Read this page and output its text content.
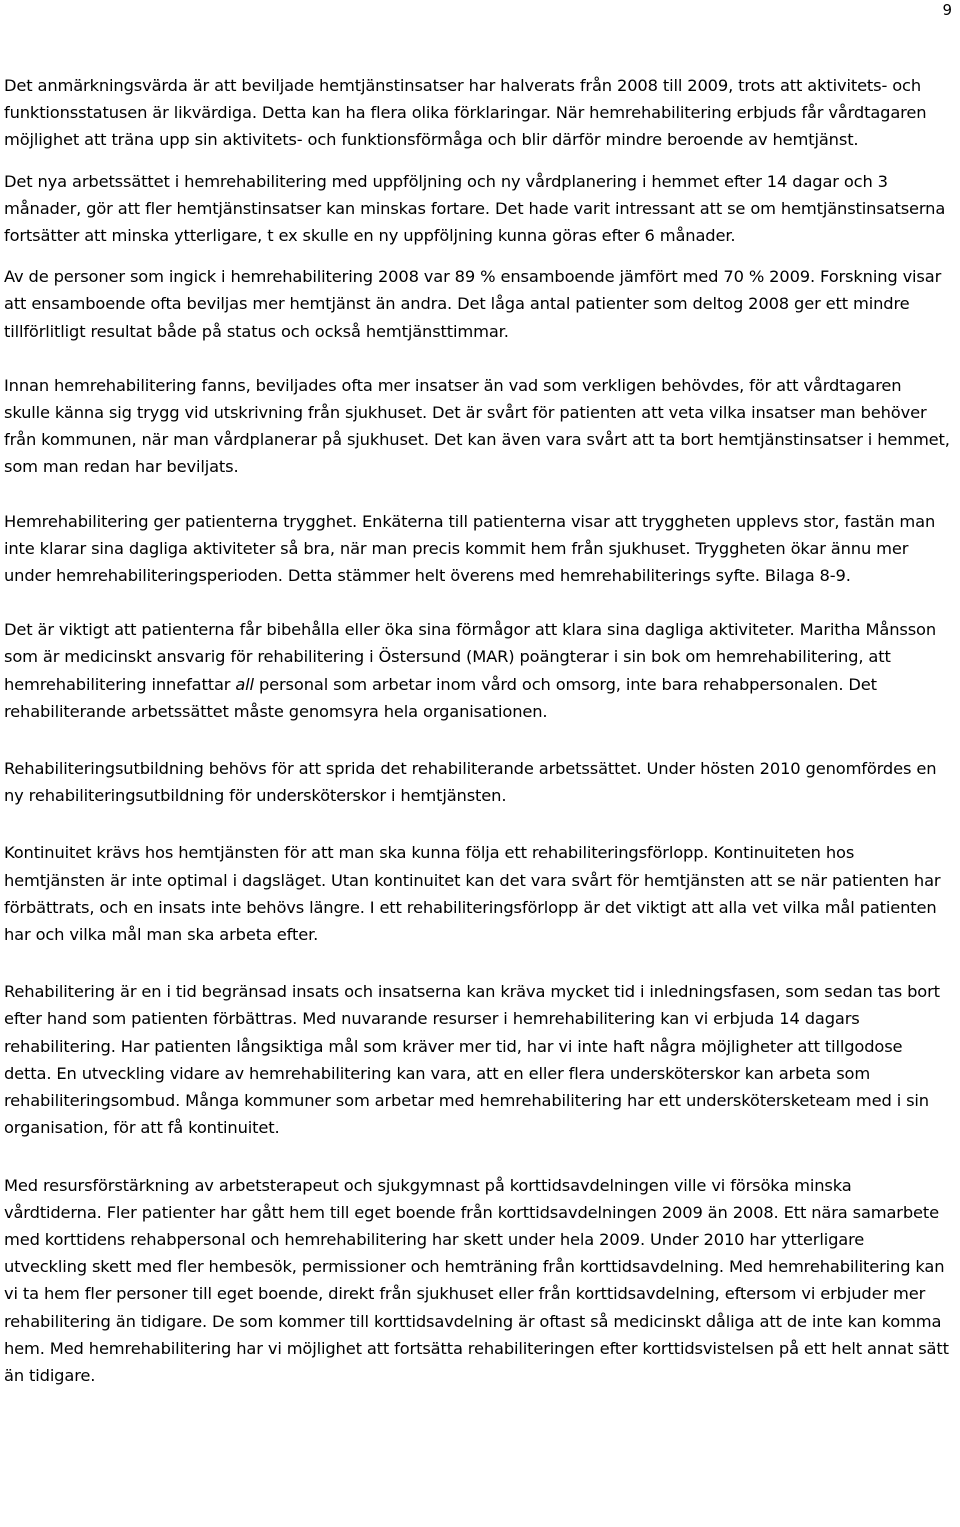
9

Det anmärkningsvärda är att beviljade hemtjänstinsatser har halverats från 2008 till 2009, trots att aktivitets- och funktionsstatusen är likvärdiga. Detta kan ha flera olika förklaringar. När hemrehabilitering erbjuds får vårdtagaren möjlighet att träna upp sin aktivitets- och funktionsförmåga och blir därför mindre beroende av hemtjänst.

Det nya arbetssättet i hemrehabilitering med uppföljning och ny vårdplanering i hemmet efter 14 dagar och 3 månader, gör att fler hemtjänstinsatser kan minskas fortare. Det hade varit intressant att se om hemtjänstinsatserna fortsätter att minska ytterligare, t ex skulle en ny uppföljning kunna göras efter 6 månader.

Av de personer som ingick i hemrehabilitering 2008 var 89 % ensamboende jämfört med 70 % 2009. Forskning visar att ensamboende ofta beviljas mer hemtjänst än andra. Det låga antal patienter som deltog 2008 ger ett mindre tillförlitligt resultat både på status och också hemtjänsttimmar.

Innan hemrehabilitering fanns, beviljades ofta mer insatser än vad som verkligen behövdes, för att vårdtagaren skulle känna sig trygg vid utskrivning från sjukhuset. Det är svårt för patienten att veta vilka insatser man behöver från kommunen, när man vårdplanerar på sjukhuset. Det kan även vara svårt att ta bort hemtjänstinsatser i hemmet, som man redan har beviljats.

Hemrehabilitering ger patienterna trygghet. Enkäterna till patienterna visar att tryggheten upplevs stor, fastän man inte klarar sina dagliga aktiviteter så bra, när man precis kommit hem från sjukhuset. Tryggheten ökar ännu mer under hemrehabiliteringsperioden. Detta stämmer helt överens med hemrehabiliterings syfte. Bilaga 8-9.

Det är viktigt att patienterna får bibehålla eller öka sina förmågor att klara sina dagliga aktiviteter. Maritha Månsson som är medicinskt ansvarig för rehabilitering i Östersund (MAR) poängterar i sin bok om hemrehabilitering, att hemrehabilitering innefattar all personal som arbetar inom vård och omsorg, inte bara rehabpersonalen. Det rehabiliterande arbetssättet måste genomsyra hela organisationen.

Rehabiliteringsutbildning behövs för att sprida det rehabiliterande arbetssättet. Under hösten 2010 genomfördes en ny rehabiliteringsutbildning för undersköterskor i hemtjänsten.

Kontinuitet krävs hos hemtjänsten för att man ska kunna följa ett rehabiliteringsförlopp. Kontinuiteten hos hemtjänsten är inte optimal i dagsläget. Utan kontinuitet kan det vara svårt för hemtjänsten att se när patienten har förbättrats, och en insats inte behövs längre. I ett rehabiliteringsförlopp är det viktigt att alla vet vilka mål patienten har och vilka mål man ska arbeta efter.

Rehabilitering är en i tid begränsad insats och insatserna kan kräva mycket tid i inledningsfasen, som sedan tas bort efter hand som patienten förbättras. Med nuvarande resurser i hemrehabilitering kan vi erbjuda 14 dagars rehabilitering. Har patienten långsiktiga mål som kräver mer tid, har vi inte haft några möjligheter att tillgodose detta. En utveckling vidare av hemrehabilitering kan vara, att en eller flera undersköterskor kan arbeta som rehabiliteringsombud. Många kommuner som arbetar med hemrehabilitering har ett underskötersketeam med i sin organisation, för att få kontinuitet.

Med resursförstärkning av arbetsterapeut och sjukgymnast på korttidsavdelningen ville vi försöka minska vårdtiderna. Fler patienter har gått hem till eget boende från korttidsavdelningen 2009 än 2008. Ett nära samarbete med korttidens rehabpersonal och hemrehabilitering har skett under hela 2009. Under 2010 har ytterligare utveckling skett med fler hembesök, permissioner och hemträning från korttidsavdelning. Med hemrehabilitering kan vi ta hem fler personer till eget boende, direkt från sjukhuset eller från korttidsavdelning, eftersom vi erbjuder mer rehabilitering än tidigare. De som kommer till korttidsavdelning är oftast så medicinskt dåliga att de inte kan komma hem. Med hemrehabilitering har vi möjlighet att fortsätta rehabiliteringen efter korttidsvistelsen på ett helt annat sätt än tidigare.
